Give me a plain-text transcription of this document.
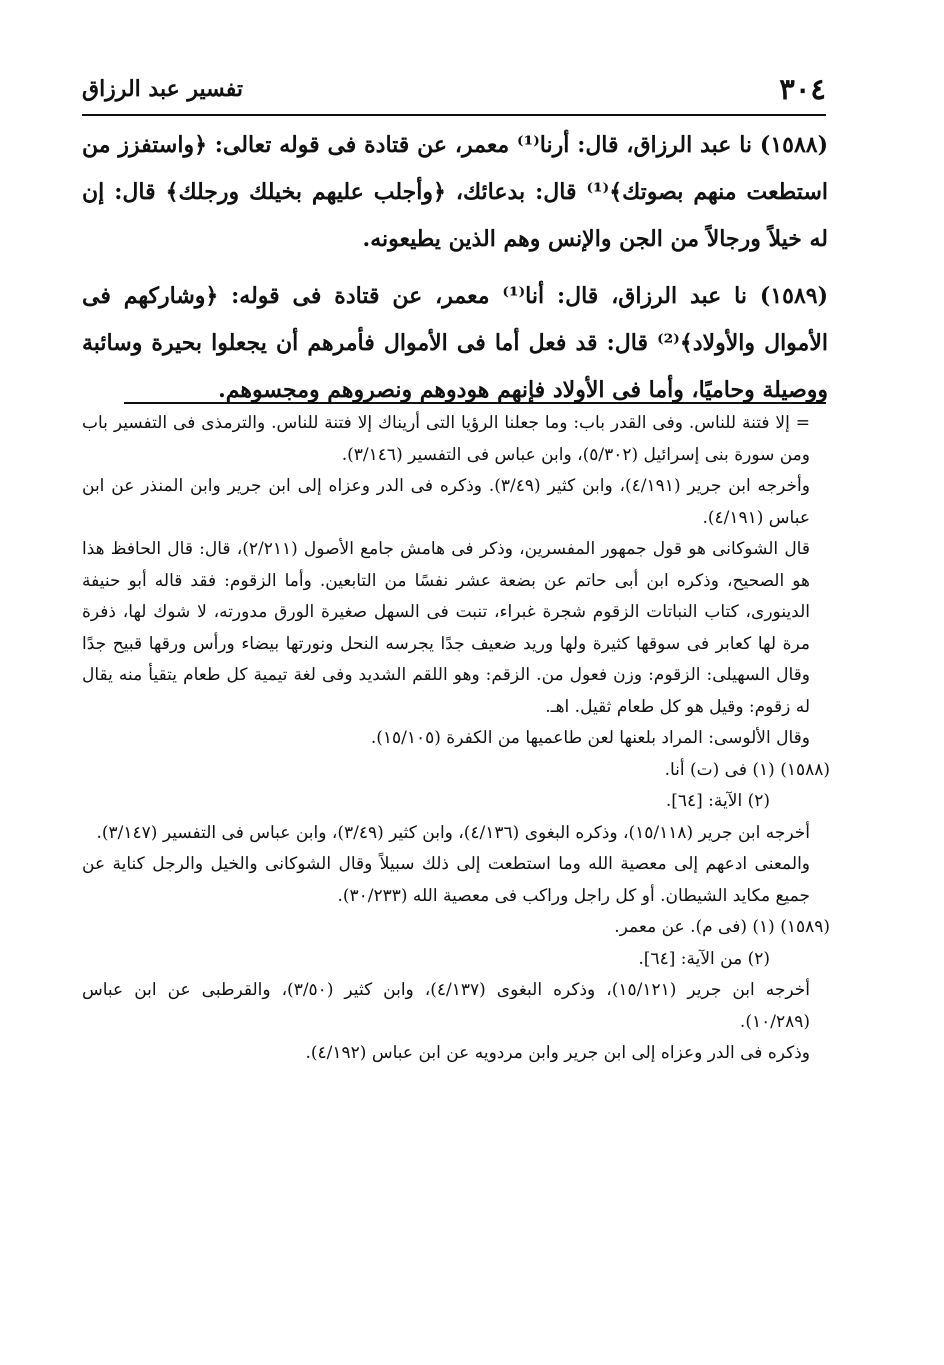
٣٠٤
تفسير عبد الرزاق

(١٥٨٨) نا عبد الرزاق، قال: أرنا⁽¹⁾ معمر، عن قتادة فى قوله تعالى: ﴿واستفزز من استطعت منهم بصوتك﴾⁽¹⁾ قال: بدعائك، ﴿وأجلب عليهم بخيلك ورجلك﴾ قال: إن له خيلاً ورجالاً من الجن والإنس وهم الذين يطيعونه.

(١٥٨٩) نا عبد الرزاق، قال: أنا⁽¹⁾ معمر، عن قتادة فى قوله: ﴿وشاركهم فى الأموال والأولاد﴾⁽²⁾ قال: قد فعل أما فى الأموال فأمرهم أن يجعلوا بحيرة وسائبة ووصيلة وحاميًا، وأما فى الأولاد فإنهم هودوهم ونصروهم ومجسوهم.

= إلا فتنة للناس. وفى القدر باب: وما جعلنا الرؤيا التى أريناك إلا فتنة للناس. والترمذى فى التفسير باب ومن سورة بنى إسرائيل (٥/٣٠٢)، وابن عباس فى التفسير (٣/١٤٦).

وأخرجه ابن جرير (٤/١٩١)، وابن كثير (٣/٤٩). وذكره فى الدر وعزاه إلى ابن جرير وابن المنذر عن ابن عباس (٤/١٩١).

قال الشوكانى هو قول جمهور المفسرين، وذكر فى هامش جامع الأصول (٢/٢١١)، قال: قال الحافظ هذا هو الصحيح، وذكره ابن أبى حاتم عن بضعة عشر نفسًا من التابعين. وأما الزقوم: فقد قاله أبو حنيفة الدينورى، كتاب النباتات الزقوم شجرة غبراء، تنبت فى السهل صغيرة الورق مدورته، لا شوك لها، ذفرة مرة لها كعابر فى سوقها كثيرة ولها وريد ضعيف جدًا يجرسه النحل ونورتها بيضاء ورأس ورقها قبيح جدًا وقال السهيلى: الزقوم: وزن فعول من. الزقم: وهو اللقم الشديد وفى لغة تيمية كل طعام يتقيأ منه يقال له زقوم: وقيل هو كل طعام ثقيل. اهـ.

وقال الألوسى: المراد بلعنها لعن طاعميها من الكفرة (١٥/١٠٥).

(١٥٨٨) (١) فى (ت) أنا.

(٢) الآية: [٦٤].

أخرجه ابن جرير (١٥/١١٨)، وذكره البغوى (٤/١٣٦)، وابن كثير (٣/٤٩)، وابن عباس فى التفسير (٣/١٤٧).

والمعنى ادعهم إلى معصية الله وما استطعت إلى ذلك سبيلاً وقال الشوكانى والخيل والرجل كناية عن جميع مكايد الشيطان. أو كل راجل وراكب فى معصية الله (٣٠/٢٣٣).

(١٥٨٩) (١) (فى م). عن معمر.

(٢) من الآية: [٦٤].

أخرجه ابن جرير (١٥/١٢١)، وذكره البغوى (٤/١٣٧)، وابن كثير (٣/٥٠)، والقرطبى عن ابن عباس (١٠/٢٨٩).

وذكره فى الدر وعزاه إلى ابن جرير وابن مردويه عن ابن عباس (٤/١٩٢).
